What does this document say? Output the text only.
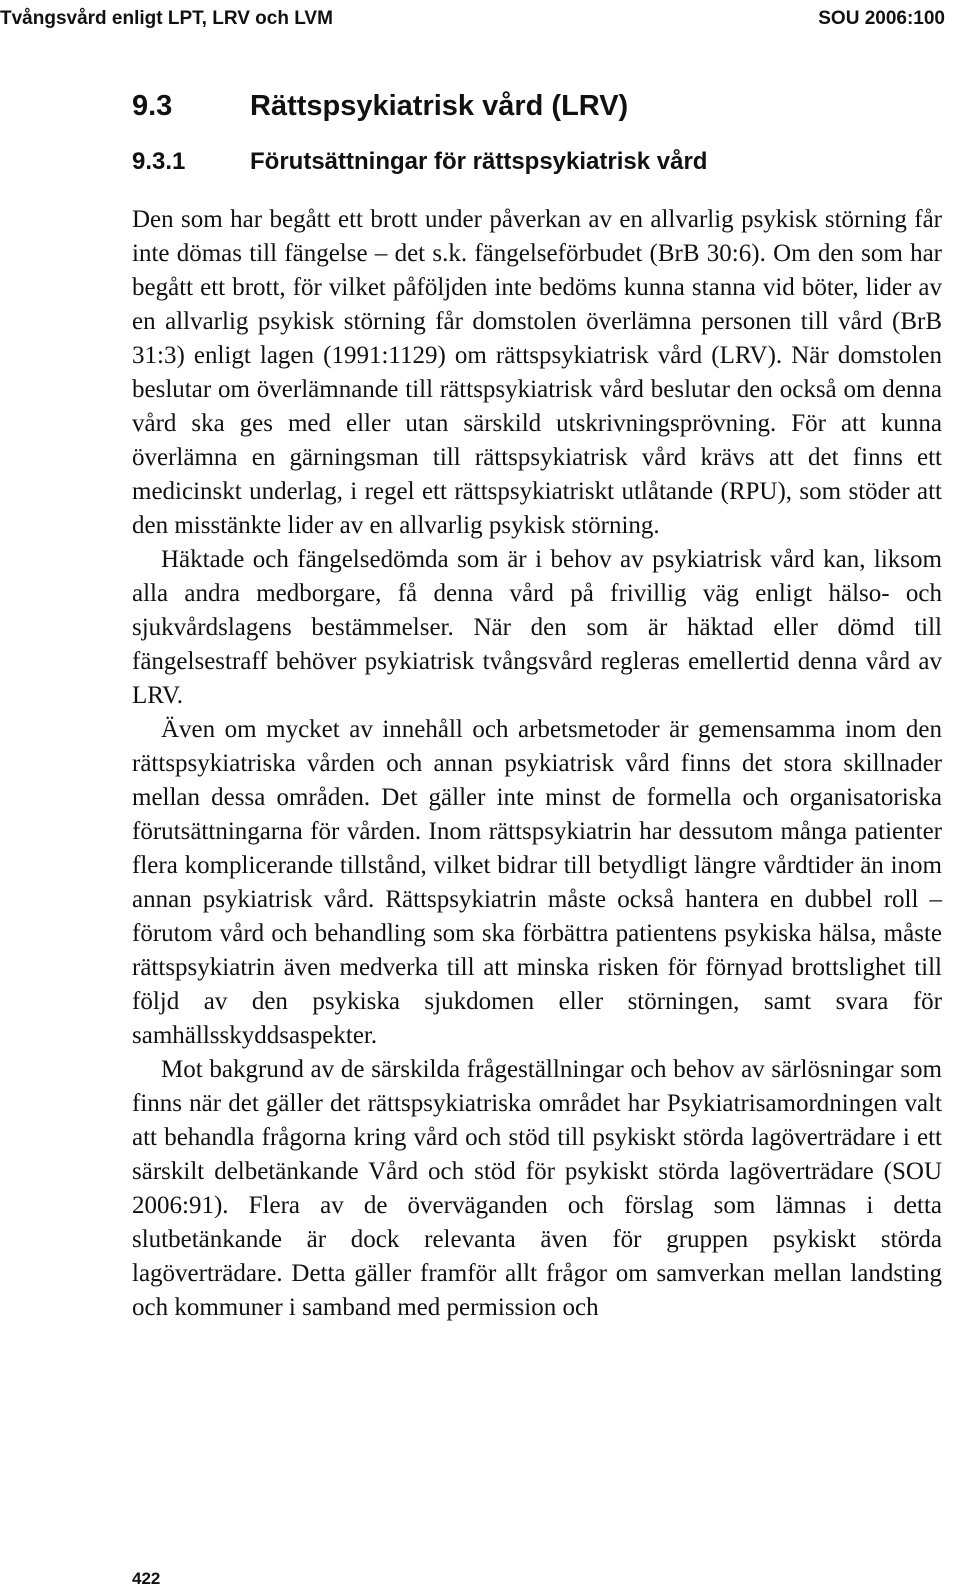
Tvångsvård enligt LPT, LRV och LVM	SOU 2006:100
9.3	Rättspsykiatrisk vård (LRV)
9.3.1	Förutsättningar för rättspsykiatrisk vård

Den som har begått ett brott under påverkan av en allvarlig psykisk störning får inte dömas till fängelse – det s.k. fängelseförbudet (BrB 30:6). Om den som har begått ett brott, för vilket påföljden inte bedöms kunna stanna vid böter, lider av en allvarlig psykisk störning får domstolen överlämna personen till vård (BrB 31:3) enligt lagen (1991:1129) om rättspsykiatrisk vård (LRV). När domstolen beslutar om överlämnande till rättspsykiatrisk vård beslutar den också om denna vård ska ges med eller utan särskild utskrivningsprövning. För att kunna överlämna en gärningsman till rättspsykiatrisk vård krävs att det finns ett medicinskt underlag, i regel ett rättspsykiatriskt utlåtande (RPU), som stöder att den misstänkte lider av en allvarlig psykisk störning.

Häktade och fängelsedömda som är i behov av psykiatrisk vård kan, liksom alla andra medborgare, få denna vård på frivillig väg enligt hälso- och sjukvårdslagens bestämmelser. När den som är häktad eller dömd till fängelsestraff behöver psykiatrisk tvångsvård regleras emellertid denna vård av LRV.

Även om mycket av innehåll och arbetsmetoder är gemensamma inom den rättspsykiatriska vården och annan psykiatrisk vård finns det stora skillnader mellan dessa områden. Det gäller inte minst de formella och organisatoriska förutsättningarna för vården. Inom rättspsykiatrin har dessutom många patienter flera komplicerande tillstånd, vilket bidrar till betydligt längre vårdtider än inom annan psykiatrisk vård. Rättspsykiatrin måste också hantera en dubbel roll – förutom vård och behandling som ska förbättra patientens psykiska hälsa, måste rättspsykiatrin även medverka till att minska risken för förnyad brottslighet till följd av den psykiska sjukdomen eller störningen, samt svara för samhällsskyddsaspekter.

Mot bakgrund av de särskilda frågeställningar och behov av särlösningar som finns när det gäller det rättspsykiatriska området har Psykiatrisamordningen valt att behandla frågorna kring vård och stöd till psykiskt störda lagöverträdare i ett särskilt delbetänkande Vård och stöd för psykiskt störda lagöverträdare (SOU 2006:91). Flera av de överväganden och förslag som lämnas i detta slutbetänkande är dock relevanta även för gruppen psykiskt störda lagöverträdare. Detta gäller framför allt frågor om samverkan mellan landsting och kommuner i samband med permission och

422
